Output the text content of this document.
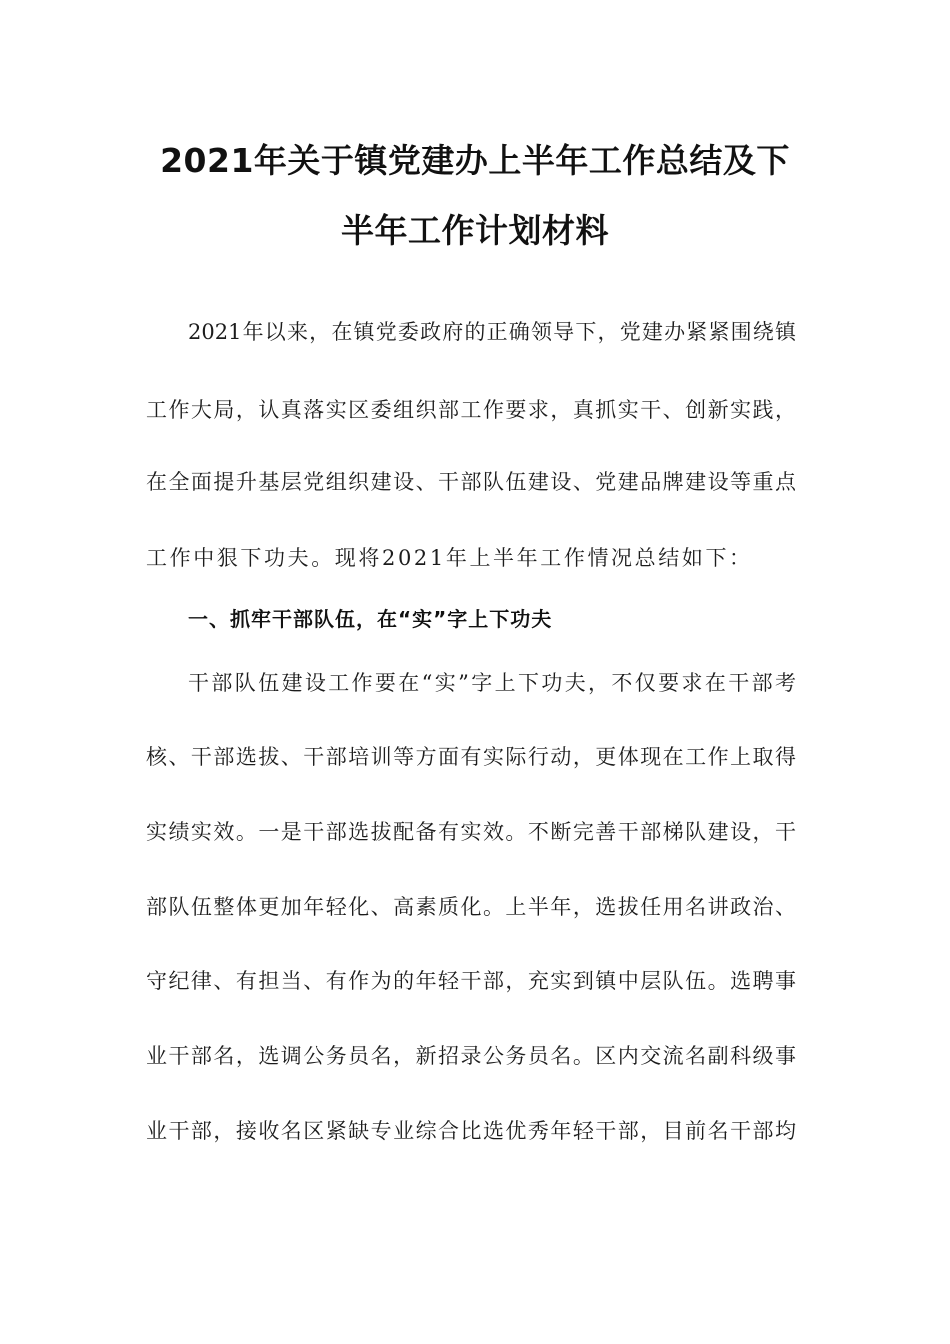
2021年关于镇党建办上半年工作总结及下
半年工作计划材料
2021年以来，在镇党委政府的正确领导下，党建办紧紧围绕镇
工作大局，认真落实区委组织部工作要求，真抓实干、创新实践，
在全面提升基层党组织建设、干部队伍建设、党建品牌建设等重点
工作中狠下功夫。现将2021年上半年工作情况总结如下：
一、抓牢干部队伍，在“实”字上下功夫
干部队伍建设工作要在“实”字上下功夫，不仅要求在干部考
核、干部选拔、干部培训等方面有实际行动，更体现在工作上取得
实绩实效。一是干部选拔配备有实效。不断完善干部梯队建设，干
部队伍整体更加年轻化、高素质化。上半年，选拔任用名讲政治、
守纪律、有担当、有作为的年轻干部，充实到镇中层队伍。选聘事
业干部名，选调公务员名，新招录公务员名。区内交流名副科级事
业干部，接收名区紧缺专业综合比选优秀年轻干部，目前名干部均
